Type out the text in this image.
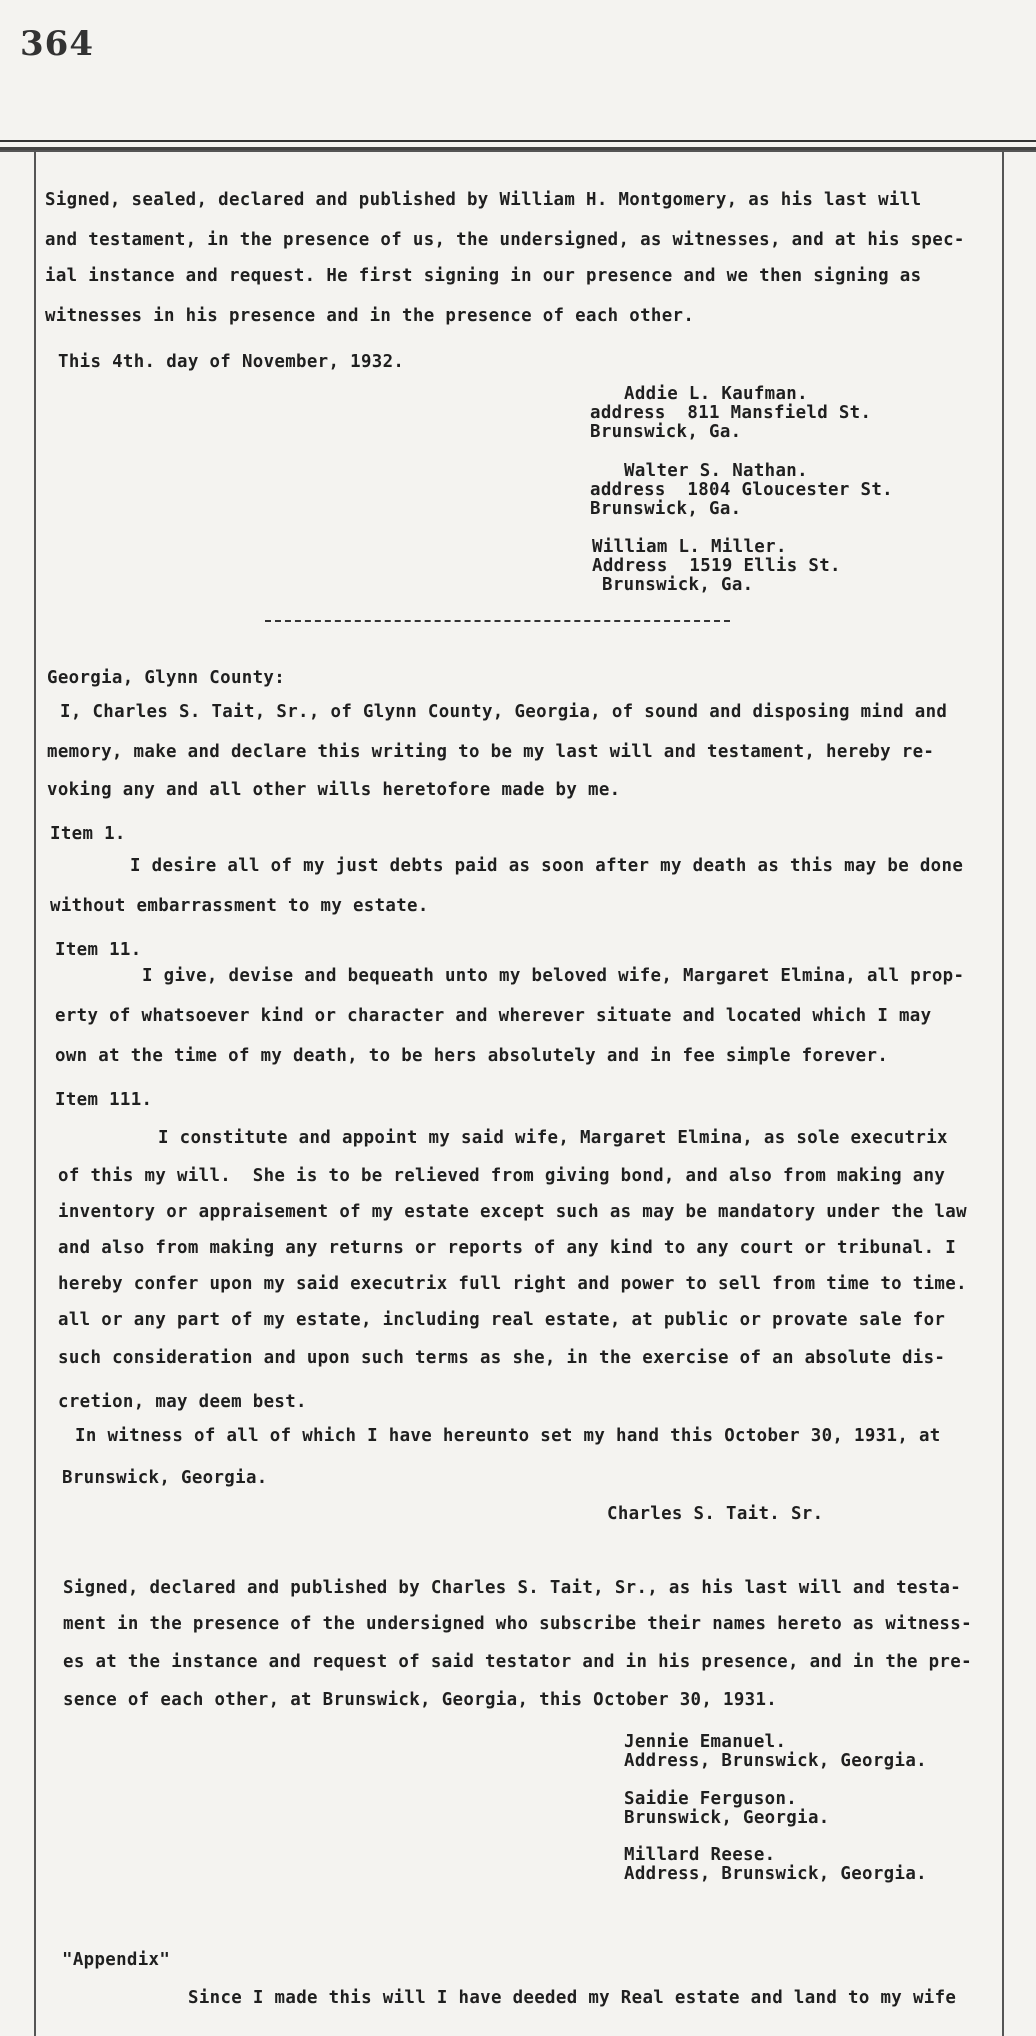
364
Signed, sealed, declared and published by William H. Montgomery, as his last will
and testament, in the presence of us, the undersigned, as witnesses, and at his spec-
ial instance and request. He first signing in our presence and we then signing as
witnesses in his presence and in the presence of each other.
This 4th. day of November, 1932.
Addie L. Kaufman.
address  811 Mansfield St.
Brunswick, Ga.
Walter S. Nathan.
address  1804 Gloucester St.
Brunswick, Ga.
William L. Miller.
Address  1519 Ellis St.
Brunswick, Ga.
Georgia, Glynn County:
I, Charles S. Tait, Sr., of Glynn County, Georgia, of sound and disposing mind and
memory, make and declare this writing to be my last will and testament, hereby re-
voking any and all other wills heretofore made by me.
Item 1.
I desire all of my just debts paid as soon after my death as this may be done
without embarrassment to my estate.
Item 11.
I give, devise and bequeath unto my beloved wife, Margaret Elmina, all prop-
erty of whatsoever kind or character and wherever situate and located which I may
own at the time of my death, to be hers absolutely and in fee simple forever.
Item 111.
I constitute and appoint my said wife, Margaret Elmina, as sole executrix
of this my will.  She is to be relieved from giving bond, and also from making any
inventory or appraisement of my estate except such as may be mandatory under the law
and also from making any returns or reports of any kind to any court or tribunal. I
hereby confer upon my said executrix full right and power to sell from time to time.
all or any part of my estate, including real estate, at public or provate sale for
such consideration and upon such terms as she, in the exercise of an absolute dis-
cretion, may deem best.
In witness of all of which I have hereunto set my hand this October 30, 1931, at
Brunswick, Georgia.
Charles S. Tait. Sr.
Signed, declared and published by Charles S. Tait, Sr., as his last will and testa-
ment in the presence of the undersigned who subscribe their names hereto as witness-
es at the instance and request of said testator and in his presence, and in the pre-
sence of each other, at Brunswick, Georgia, this October 30, 1931.
Jennie Emanuel.
Address, Brunswick, Georgia.
Saidie Ferguson.
Brunswick, Georgia.
Millard Reese.
Address, Brunswick, Georgia.
"Appendix"
Since I made this will I have deeded my Real estate and land to my wife
